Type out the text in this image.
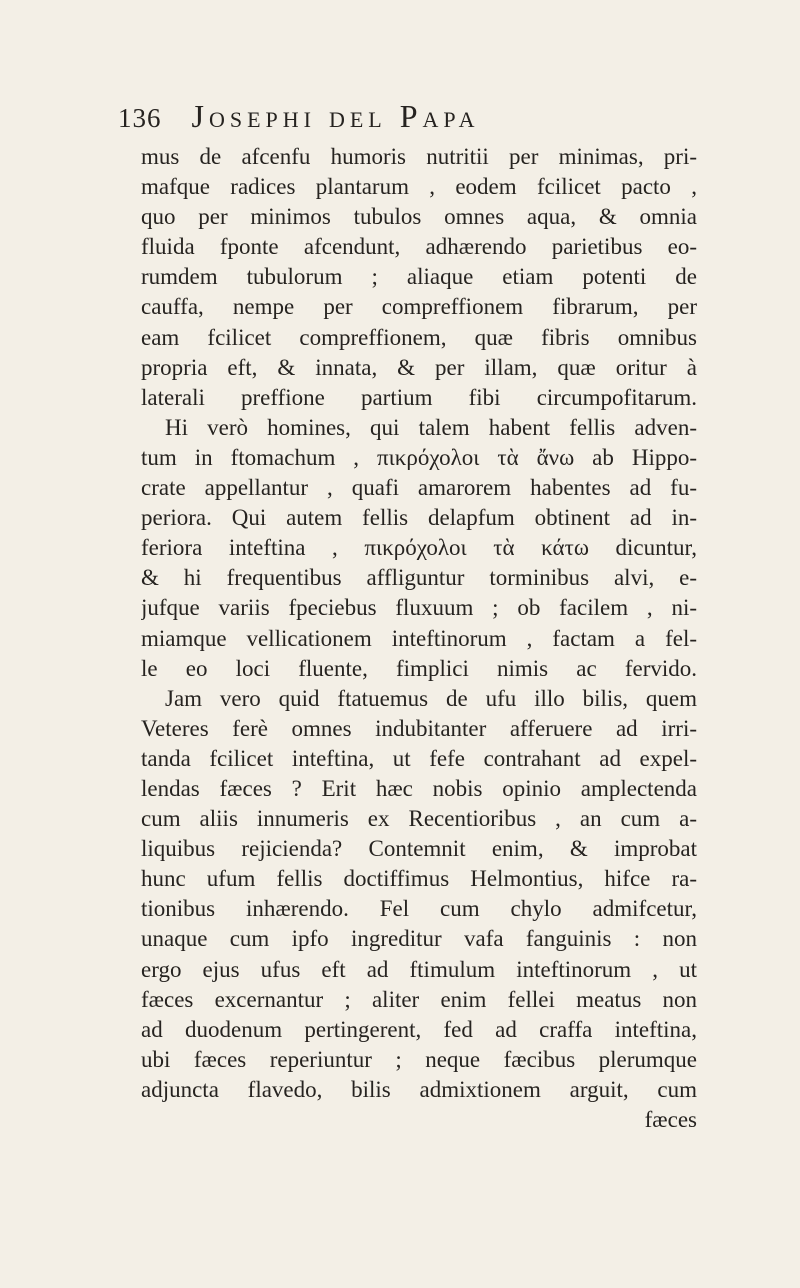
136 Josephi del Papa
mus de afcenfu humoris nutritii per minimas, pri-
mafque radices plantarum , eodem fcilicet pacto ,
quo per minimos tubulos omnes aqua, & omnia
fluida fponte afcendunt, adhærendo parietibus eo-
rumdem tubulorum ; aliaque etiam potenti de
cauffa, nempe per compreffionem fibrarum, per
eam fcilicet compreffionem, quæ fibris omnibus
propria eft, & innata, & per illam, quæ oritur à
laterali preffione partium fibi circumpofitarum.
Hi verò homines, qui talem habent fellis adven-
tum in ftomachum , πικρόχολοι τὰ ἄνω ab Hippo-
crate appellantur , quafi amarorem habentes ad fu-
periora. Qui autem fellis delapfum obtinent ad in-
feriora inteftina , πικρόχολοι τὰ κάτω dicuntur,
& hi frequentibus affliguntur torminibus alvi, e-
jufque variis fpeciebus fluxuum ; ob facilem , ni-
miamque vellicationem inteftinorum , factam a fel-
le eo loci fluente, fimplici nimis ac fervido.
Jam vero quid ftatuemus de ufu illo bilis, quem
Veteres ferè omnes indubitanter afferuere ad irri-
tanda fcilicet inteftina, ut fefe contrahant ad expel-
lendas fæces ? Erit hæc nobis opinio amplectenda
cum aliis innumeris ex Recentioribus , an cum a-
liquibus rejicienda? Contemnit enim, & improbat
hunc ufum fellis doctiffimus Helmontius, hifce ra-
tionibus inhærendo. Fel cum chylo admifcetur,
unaque cum ipfo ingreditur vafa fanguinis : non
ergo ejus ufus eft ad ftimulum inteftinorum , ut
fæces excernantur ; aliter enim fellei meatus non
ad duodenum pertingerent, fed ad craffa inteftina,
ubi fæces reperiuntur ; neque fæcibus plerumque
adjuncta flavedo, bilis admixtionem arguit, cum
fæces
